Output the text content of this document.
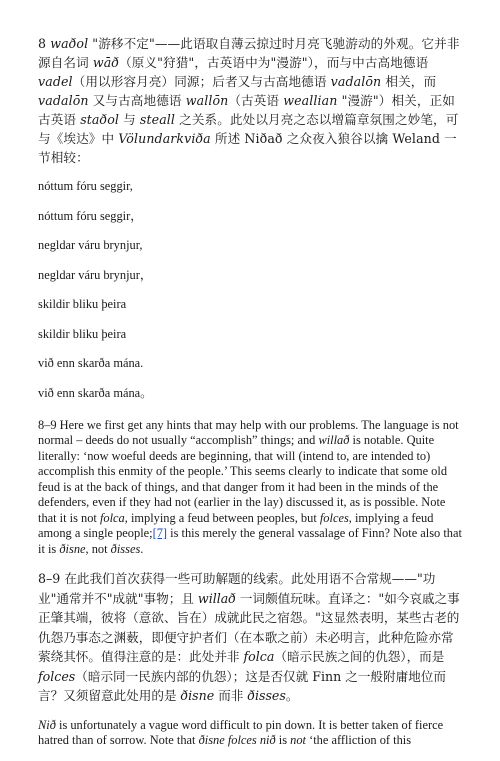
8 waðol "游移不定"——此语取自薄云掠过时月亮飞驰游动的外观。它并非源自名词 wāð（原义"狩猎"，古英语中为"漫游"），而与中古高地德语 vadel（用以形容月亮）同源；后者又与古高地德语 vadalōn 相关，而 vadalōn 又与古高地德语 wallōn（古英语 weallian "漫游"）相关，正如古英语 staðol 与 steall 之关系。此处以月亮之态以增篇章氛围之妙笔，可与《埃达》中 Völundarkviða 所述 Niðað 之众夜入狼谷以擒 Weland 一节相较：

nóttum fóru seggir,

nóttum fóru seggir，

negldar váru brynjur,

negldar váru brynjur，

skildir bliku þeira

skildir bliku þeira

við enn skarða mána.

við enn skarða mána。

8–9 Here we first get any hints that may help with our problems. The language is not normal – deeds do not usually “accomplish” things; and willað is notable. Quite literally: ‘now woeful deeds are beginning, that will (intend to, are intended to) accomplish this enmity of the people.’ This seems clearly to indicate that some old feud is at the back of things, and that danger from it had been in the minds of the defenders, even if they had not (earlier in the lay) discussed it, as is possible. Note that it is not folca, implying a feud between peoples, but folces, implying a feud among a single people;[7] is this merely the general vassalage of Finn? Note also that it is ðisne, not ðisses.

8–9 在此我们首次获得一些可助解题的线索。此处用语不合常规——"功业"通常并不"成就"事物；且 willað 一词颇值玩味。直译之："如今哀戚之事正肇其端，彼将（意欲、旨在）成就此民之宿怨。"这显然表明，某些古老的仇怨乃事态之渊薮，即便守护者们（在本歌之前）未必明言，此种危险亦常萦绕其怀。值得注意的是：此处并非 folca（暗示民族之间的仇怨），而是 folces（暗示同一民族内部的仇怨）；这是否仅就 Finn 之一般附庸地位而言？又须留意此处用的是 ðisne 而非 ðisses。

Nið is unfortunately a vague word difficult to pin down. It is better taken of fierce hatred than of sorrow. Note that ðisne folces nið is not ‘the affliction of this
